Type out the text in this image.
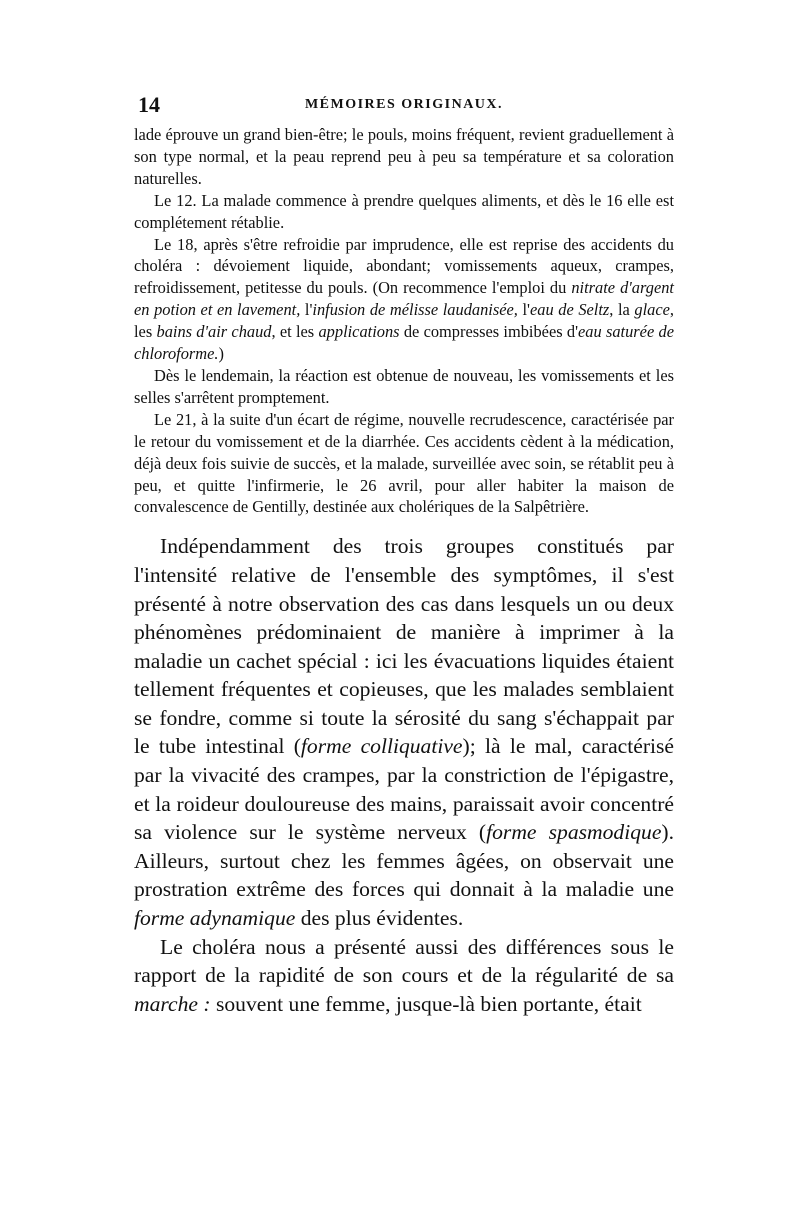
14	MÉMOIRES ORIGINAUX.

lade éprouve un grand bien-être; le pouls, moins fréquent, revient graduellement à son type normal, et la peau reprend peu à peu sa température et sa coloration naturelles.

Le 12. La malade commence à prendre quelques aliments, et dès le 16 elle est complétement rétablie.

Le 18, après s'être refroidie par imprudence, elle est reprise des accidents du choléra : dévoiement liquide, abondant; vomissements aqueux, crampes, refroidissement, petitesse du pouls. (On recommence l'emploi du nitrate d'argent en potion et en lavement, l'infusion de mélisse laudanisée, l'eau de Seltz, la glace, les bains d'air chaud, et les applications de compresses imbibées d'eau saturée de chloroforme.)

Dès le lendemain, la réaction est obtenue de nouveau, les vomissements et les selles s'arrêtent promptement.

Le 21, à la suite d'un écart de régime, nouvelle recrudescence, caractérisée par le retour du vomissement et de la diarrhée. Ces accidents cèdent à la médication, déjà deux fois suivie de succès, et la malade, surveillée avec soin, se rétablit peu à peu, et quitte l'infirmerie, le 26 avril, pour aller habiter la maison de convalescence de Gentilly, destinée aux cholériques de la Salpêtrière.

Indépendamment des trois groupes constitués par l'intensité relative de l'ensemble des symptômes, il s'est présenté à notre observation des cas dans lesquels un ou deux phénomènes prédominaient de manière à imprimer à la maladie un cachet spécial : ici les évacuations liquides étaient tellement fréquentes et copieuses, que les malades semblaient se fondre, comme si toute la sérosité du sang s'échappait par le tube intestinal (forme colliquative); là le mal, caractérisé par la vivacité des crampes, par la constriction de l'épigastre, et la roideur douloureuse des mains, paraissait avoir concentré sa violence sur le système nerveux (forme spasmodique). Ailleurs, surtout chez les femmes âgées, on observait une prostration extrême des forces qui donnait à la maladie une forme adynamique des plus évidentes.

Le choléra nous a présenté aussi des différences sous le rapport de la rapidité de son cours et de la régularité de sa marche : souvent une femme, jusque-là bien portante, était
